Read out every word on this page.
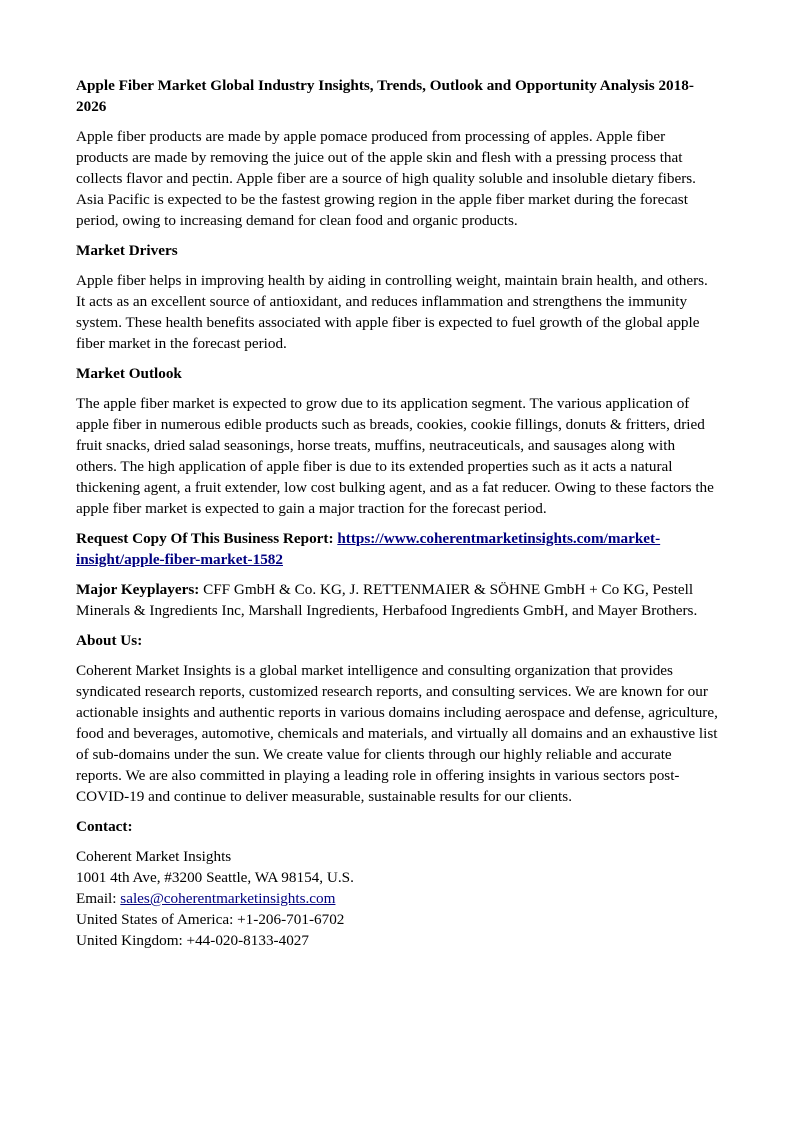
Apple Fiber Market Global Industry Insights, Trends, Outlook and Opportunity Analysis 2018-2026

Apple fiber products are made by apple pomace produced from processing of apples. Apple fiber products are made by removing the juice out of the apple skin and flesh with a pressing process that collects flavor and pectin. Apple fiber are a source of high quality soluble and insoluble dietary fibers. Asia Pacific is expected to be the fastest growing region in the apple fiber market during the forecast period, owing to increasing demand for clean food and organic products.

Market Drivers

Apple fiber helps in improving health by aiding in controlling weight, maintain brain health, and others. It acts as an excellent source of antioxidant, and reduces inflammation and strengthens the immunity system. These health benefits associated with apple fiber is expected to fuel growth of the global apple fiber market in the forecast period.

Market Outlook

The apple fiber market is expected to grow due to its application segment. The various application of apple fiber in numerous edible products such as breads, cookies, cookie fillings, donuts & fritters, dried fruit snacks, dried salad seasonings, horse treats, muffins, neutraceuticals, and sausages along with others. The high application of apple fiber is due to its extended properties such as it acts a natural thickening agent, a fruit extender, low cost bulking agent, and as a fat reducer. Owing to these factors the apple fiber market is expected to gain a major traction for the forecast period.

Request Copy Of This Business Report: https://www.coherentmarketinsights.com/market-insight/apple-fiber-market-1582

Major Keyplayers: CFF GmbH & Co. KG, J. RETTENMAIER & SÖHNE GmbH + Co KG, Pestell Minerals & Ingredients Inc, Marshall Ingredients, Herbafood Ingredients GmbH, and Mayer Brothers.

About Us:

Coherent Market Insights is a global market intelligence and consulting organization that provides syndicated research reports, customized research reports, and consulting services. We are known for our actionable insights and authentic reports in various domains including aerospace and defense, agriculture, food and beverages, automotive, chemicals and materials, and virtually all domains and an exhaustive list of sub-domains under the sun. We create value for clients through our highly reliable and accurate reports. We are also committed in playing a leading role in offering insights in various sectors post-COVID-19 and continue to deliver measurable, sustainable results for our clients.

Contact:

Coherent Market Insights
1001 4th Ave, #3200 Seattle, WA 98154, U.S.
Email: sales@coherentmarketinsights.com
United States of America: +1-206-701-6702
United Kingdom: +44-020-8133-4027
